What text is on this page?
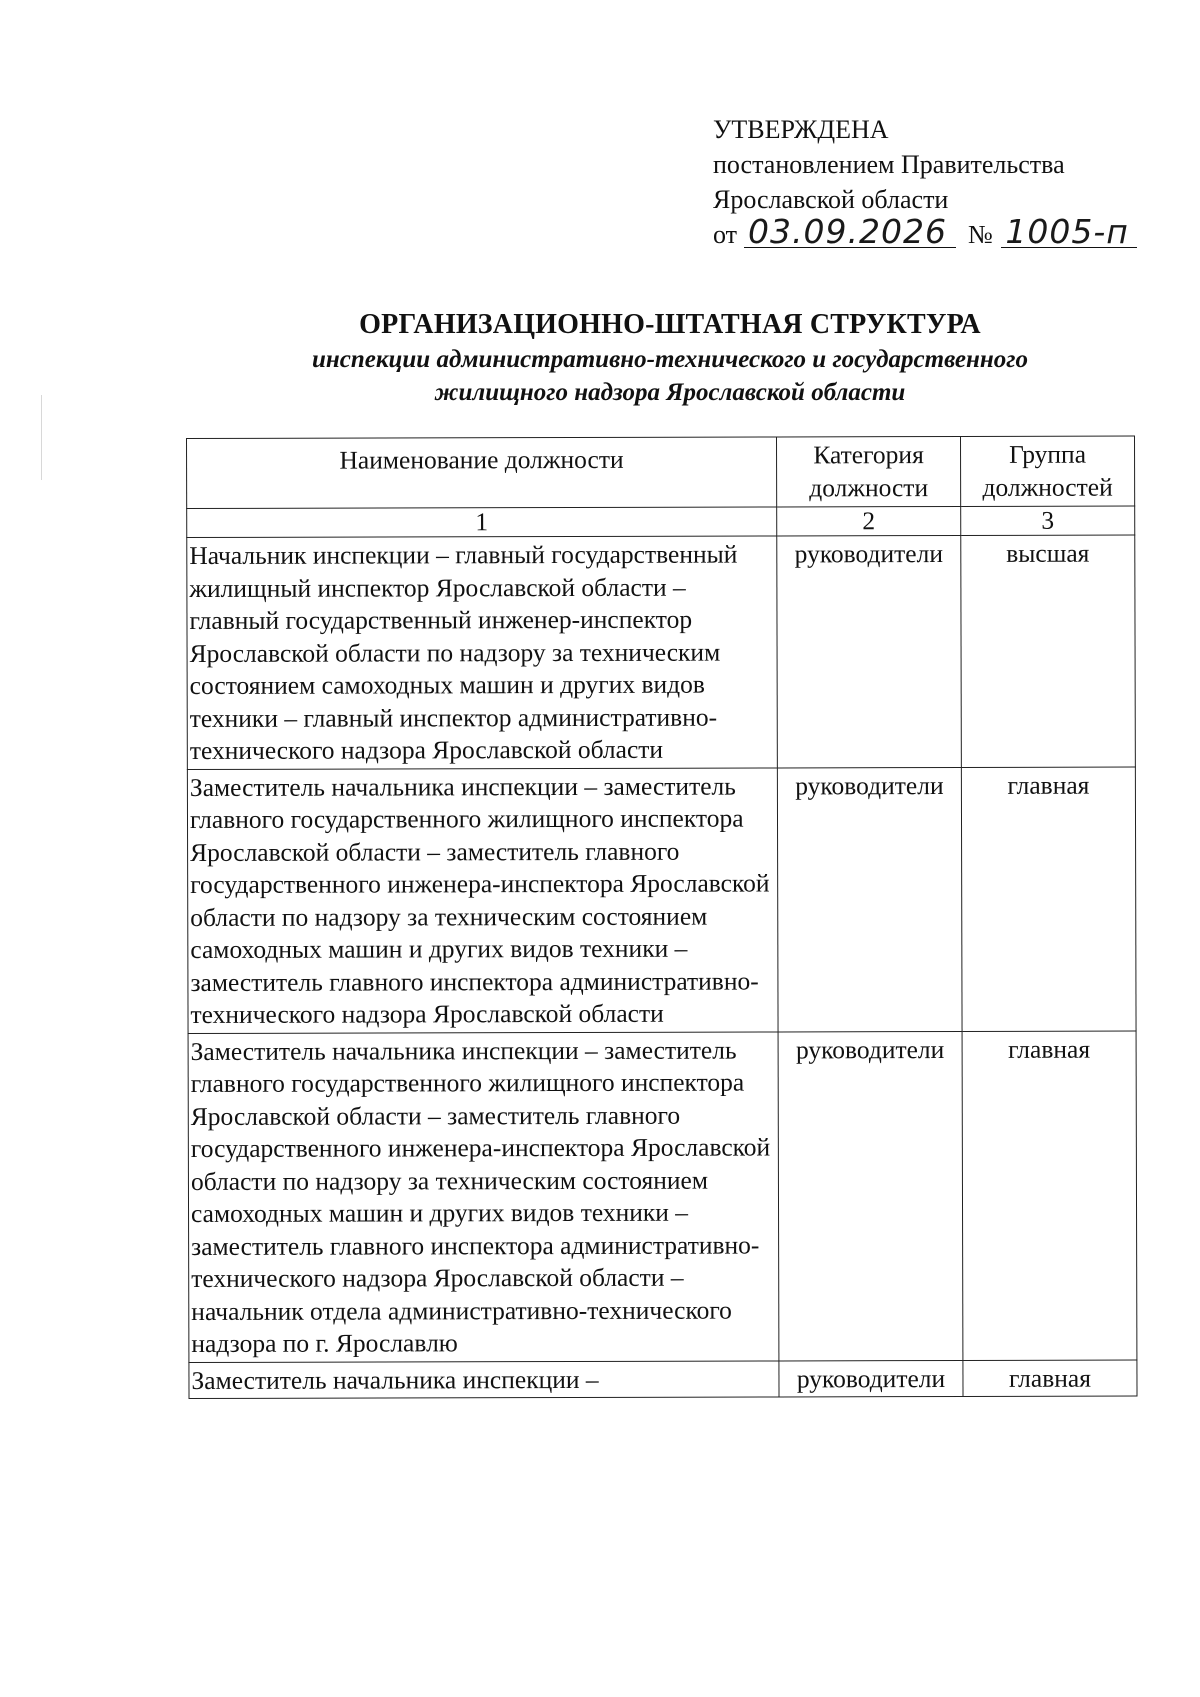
УТВЕРЖДЕНА
постановлением Правительства
Ярославской области
от 03.09.2026 № 1005-п
ОРГАНИЗАЦИОННО-ШТАТНАЯ СТРУКТУРА
инспекции административно-технического и государственного
жилищного надзора Ярославской области
Наименование должности	Категория должности	Группа должностей
1	2	3
Начальник инспекции – главный государственный жилищный инспектор Ярославской области – главный государственный инженер-инспектор Ярославской области по надзору за техническим состоянием самоходных машин и других видов техники – главный инспектор административно-технического надзора Ярославской области	руководители	высшая
Заместитель начальника инспекции – заместитель главного государственного жилищного инспектора Ярославской области – заместитель главного государственного инженера-инспектора Ярославской области по надзору за техническим состоянием самоходных машин и других видов техники – заместитель главного инспектора административно-технического надзора Ярославской области	руководители	главная
Заместитель начальника инспекции – заместитель главного государственного жилищного инспектора Ярославской области – заместитель главного государственного инженера-инспектора Ярославской области по надзору за техническим состоянием самоходных машин и других видов техники – заместитель главного инспектора административно-технического надзора Ярославской области – начальник отдела административно-технического надзора по г. Ярославлю	руководители	главная
Заместитель начальника инспекции –	руководители	главная
